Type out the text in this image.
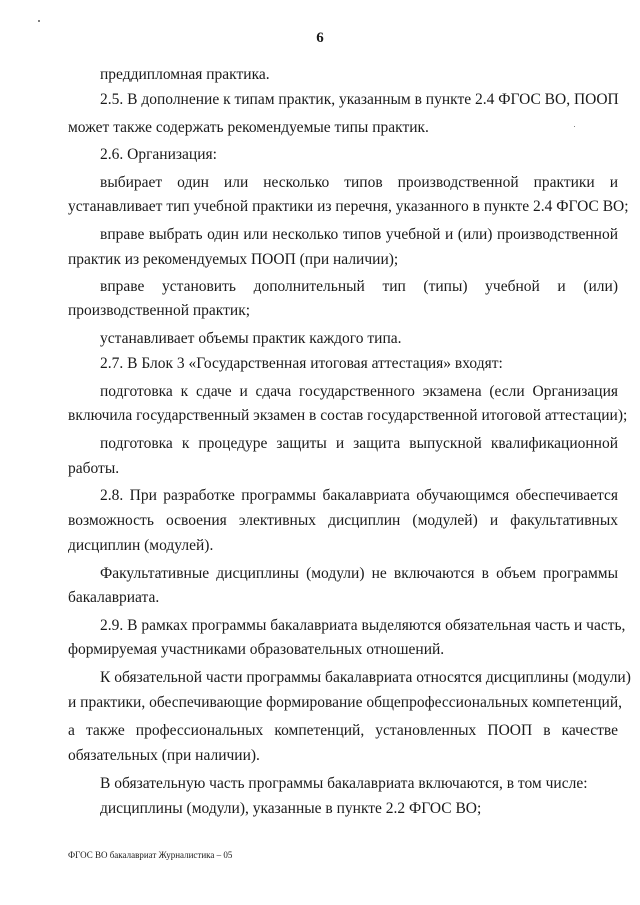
6
преддипломная практика.
2.5. В дополнение к типам практик, указанным в пункте 2.4 ФГОС ВО, ПООП
может также содержать рекомендуемые типы практик.
2.6. Организация:
выбирает один или несколько типов производственной практики и
устанавливает тип учебной практики из перечня, указанного в пункте 2.4 ФГОС ВО;
вправе выбрать один или несколько типов учебной и (или) производственной
практик из рекомендуемых ПООП (при наличии);
вправе установить дополнительный тип (типы) учебной и (или)
производственной практик;
устанавливает объемы практик каждого типа.
2.7. В Блок 3 «Государственная итоговая аттестация» входят:
подготовка к сдаче и сдача государственного экзамена (если Организация
включила государственный экзамен в состав государственной итоговой аттестации);
подготовка к процедуре защиты и защита выпускной квалификационной
работы.
2.8. При разработке программы бакалавриата обучающимся обеспечивается
возможность освоения элективных дисциплин (модулей) и факультативных
дисциплин (модулей).
Факультативные дисциплины (модули) не включаются в объем программы
бакалавриата.
2.9. В рамках программы бакалавриата выделяются обязательная часть и часть,
формируемая участниками образовательных отношений.
К обязательной части программы бакалавриата относятся дисциплины (модули)
и практики, обеспечивающие формирование общепрофессиональных компетенций,
а также профессиональных компетенций, установленных ПООП в качестве
обязательных (при наличии).
В обязательную часть программы бакалавриата включаются, в том числе:
дисциплины (модули), указанные в пункте 2.2 ФГОС ВО;
ФГОС ВО бакалавриат Журналистика – 05
